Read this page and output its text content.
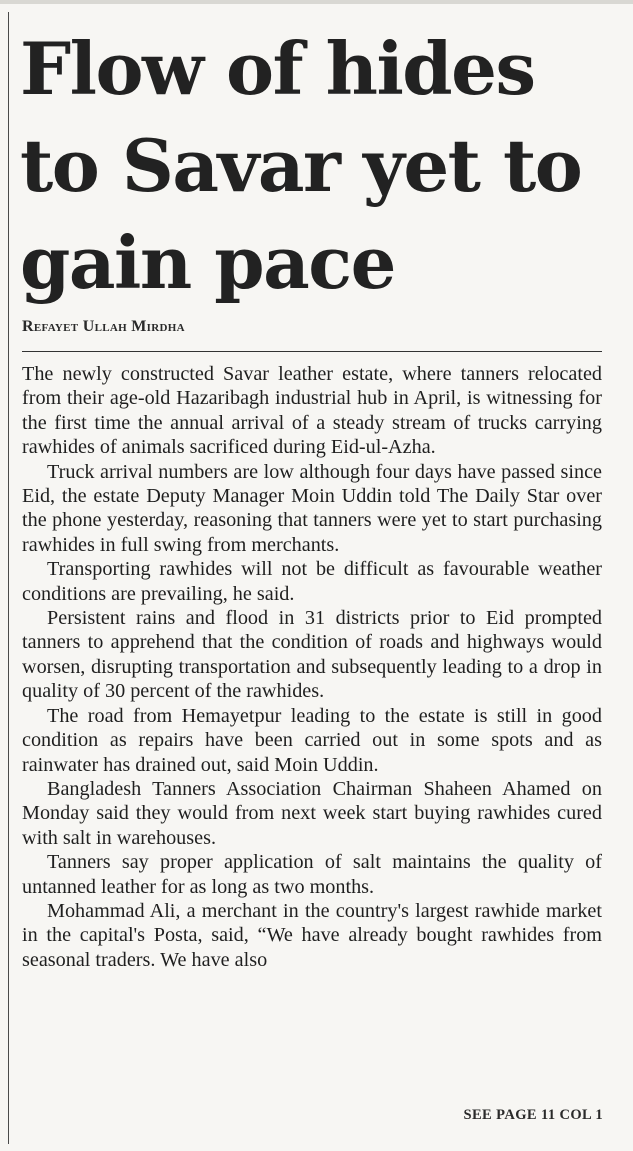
Flow of hides to Savar yet to gain pace
Refayet Ullah Mirdha

The newly constructed Savar leather estate, where tanners relocated from their age-old Hazaribagh industrial hub in April, is witnessing for the first time the annual arrival of a steady stream of trucks carrying rawhides of animals sacrificed during Eid-ul-Azha.

Truck arrival numbers are low although four days have passed since Eid, the estate Deputy Manager Moin Uddin told The Daily Star over the phone yesterday, reasoning that tanners were yet to start purchasing rawhides in full swing from merchants.

Transporting rawhides will not be difficult as favourable weather conditions are prevailing, he said.

Persistent rains and flood in 31 districts prior to Eid prompted tanners to apprehend that the condition of roads and highways would worsen, disrupting transportation and subsequently leading to a drop in quality of 30 percent of the rawhides.

The road from Hemayetpur leading to the estate is still in good condition as repairs have been carried out in some spots and as rainwater has drained out, said Moin Uddin.

Bangladesh Tanners Association Chairman Shaheen Ahamed on Monday said they would from next week start buying rawhides cured with salt in warehouses.

Tanners say proper application of salt maintains the quality of untanned leather for as long as two months.

Mohammad Ali, a merchant in the country's largest rawhide market in the capital's Posta, said, “We have already bought rawhides from seasonal traders. We have also

SEE PAGE 11 COL 1
